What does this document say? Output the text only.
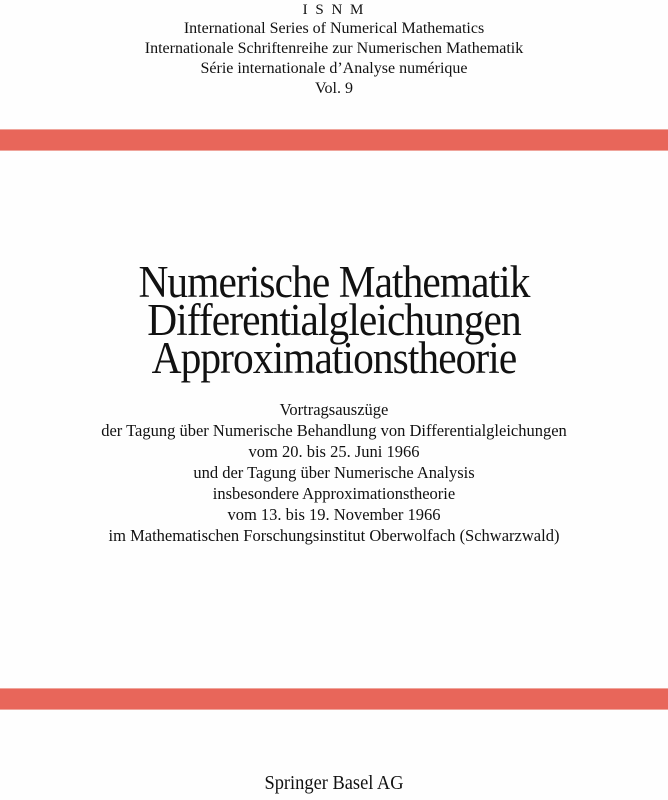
I S N M
International Series of Numerical Mathematics
Internationale Schriftenreihe zur Numerischen Mathematik
Série internationale d’Analyse numérique
Vol. 9
Numerische Mathematik
Differentialgleichungen
Approximationstheorie
Vortragsauszüge
der Tagung über Numerische Behandlung von Differentialgleichungen
vom 20. bis 25. Juni 1966
und der Tagung über Numerische Analysis
insbesondere Approximationstheorie
vom 13. bis 19. November 1966
im Mathematischen Forschungsinstitut Oberwolfach (Schwarzwald)
Springer Basel AG
